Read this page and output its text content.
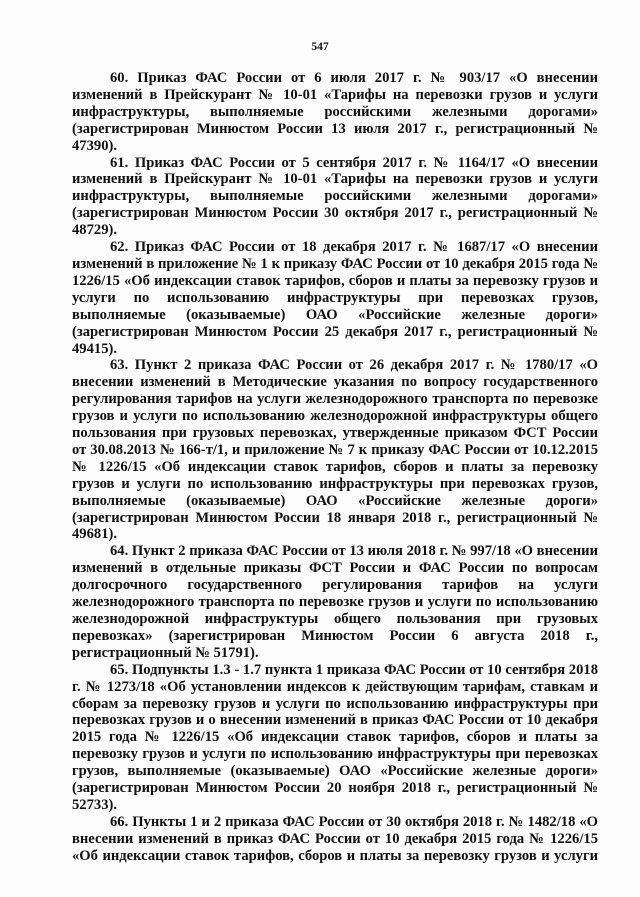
547

60. Приказ ФАС России от 6 июля 2017 г. № 903/17 «О внесении изменений в Прейскурант № 10-01 «Тарифы на перевозки грузов и услуги инфраструктуры, выполняемые российскими железными дорогами» (зарегистрирован Минюстом России 13 июля 2017 г., регистрационный № 47390).

61. Приказ ФАС России от 5 сентября 2017 г. № 1164/17 «О внесении изменений в Прейскурант № 10-01 «Тарифы на перевозки грузов и услуги инфраструктуры, выполняемые российскими железными дорогами» (зарегистрирован Минюстом России 30 октября 2017 г., регистрационный № 48729).

62. Приказ ФАС России от 18 декабря 2017 г. № 1687/17 «О внесении изменений в приложение № 1 к приказу ФАС России от 10 декабря 2015 года № 1226/15 «Об индексации ставок тарифов, сборов и платы за перевозку грузов и услуги по использованию инфраструктуры при перевозках грузов, выполняемые (оказываемые) ОАО «Российские железные дороги» (зарегистрирован Минюстом России 25 декабря 2017 г., регистрационный № 49415).

63. Пункт 2 приказа ФАС России от 26 декабря 2017 г. № 1780/17 «О внесении изменений в Методические указания по вопросу государственного регулирования тарифов на услуги железнодорожного транспорта по перевозке грузов и услуги по использованию железнодорожной инфраструктуры общего пользования при грузовых перевозках, утвержденные приказом ФСТ России от 30.08.2013 № 166-т/1, и приложение № 7 к приказу ФАС России от 10.12.2015 № 1226/15 «Об индексации ставок тарифов, сборов и платы за перевозку грузов и услуги по использованию инфраструктуры при перевозках грузов, выполняемые (оказываемые) ОАО «Российские железные дороги» (зарегистрирован Минюстом России 18 января 2018 г., регистрационный № 49681).

64. Пункт 2 приказа ФАС России от 13 июля 2018 г. № 997/18 «О внесении изменений в отдельные приказы ФСТ России и ФАС России по вопросам долгосрочного государственного регулирования тарифов на услуги железнодорожного транспорта по перевозке грузов и услуги по использованию железнодорожной инфраструктуры общего пользования при грузовых перевозках» (зарегистрирован Минюстом России 6 августа 2018 г., регистрационный № 51791).

65. Подпункты 1.3 - 1.7 пункта 1 приказа ФАС России от 10 сентября 2018 г. № 1273/18 «Об установлении индексов к действующим тарифам, ставкам и сборам за перевозку грузов и услуги по использованию инфраструктуры при перевозках грузов и о внесении изменений в приказ ФАС России от 10 декабря 2015 года № 1226/15 «Об индексации ставок тарифов, сборов и платы за перевозку грузов и услуги по использованию инфраструктуры при перевозках грузов, выполняемые (оказываемые) ОАО «Российские железные дороги» (зарегистрирован Минюстом России 20 ноября 2018 г., регистрационный № 52733).

66. Пункты 1 и 2 приказа ФАС России от 30 октября 2018 г. № 1482/18 «О внесении изменений в приказ ФАС России от 10 декабря 2015 года № 1226/15 «Об индексации ставок тарифов, сборов и платы за перевозку грузов и услуги
